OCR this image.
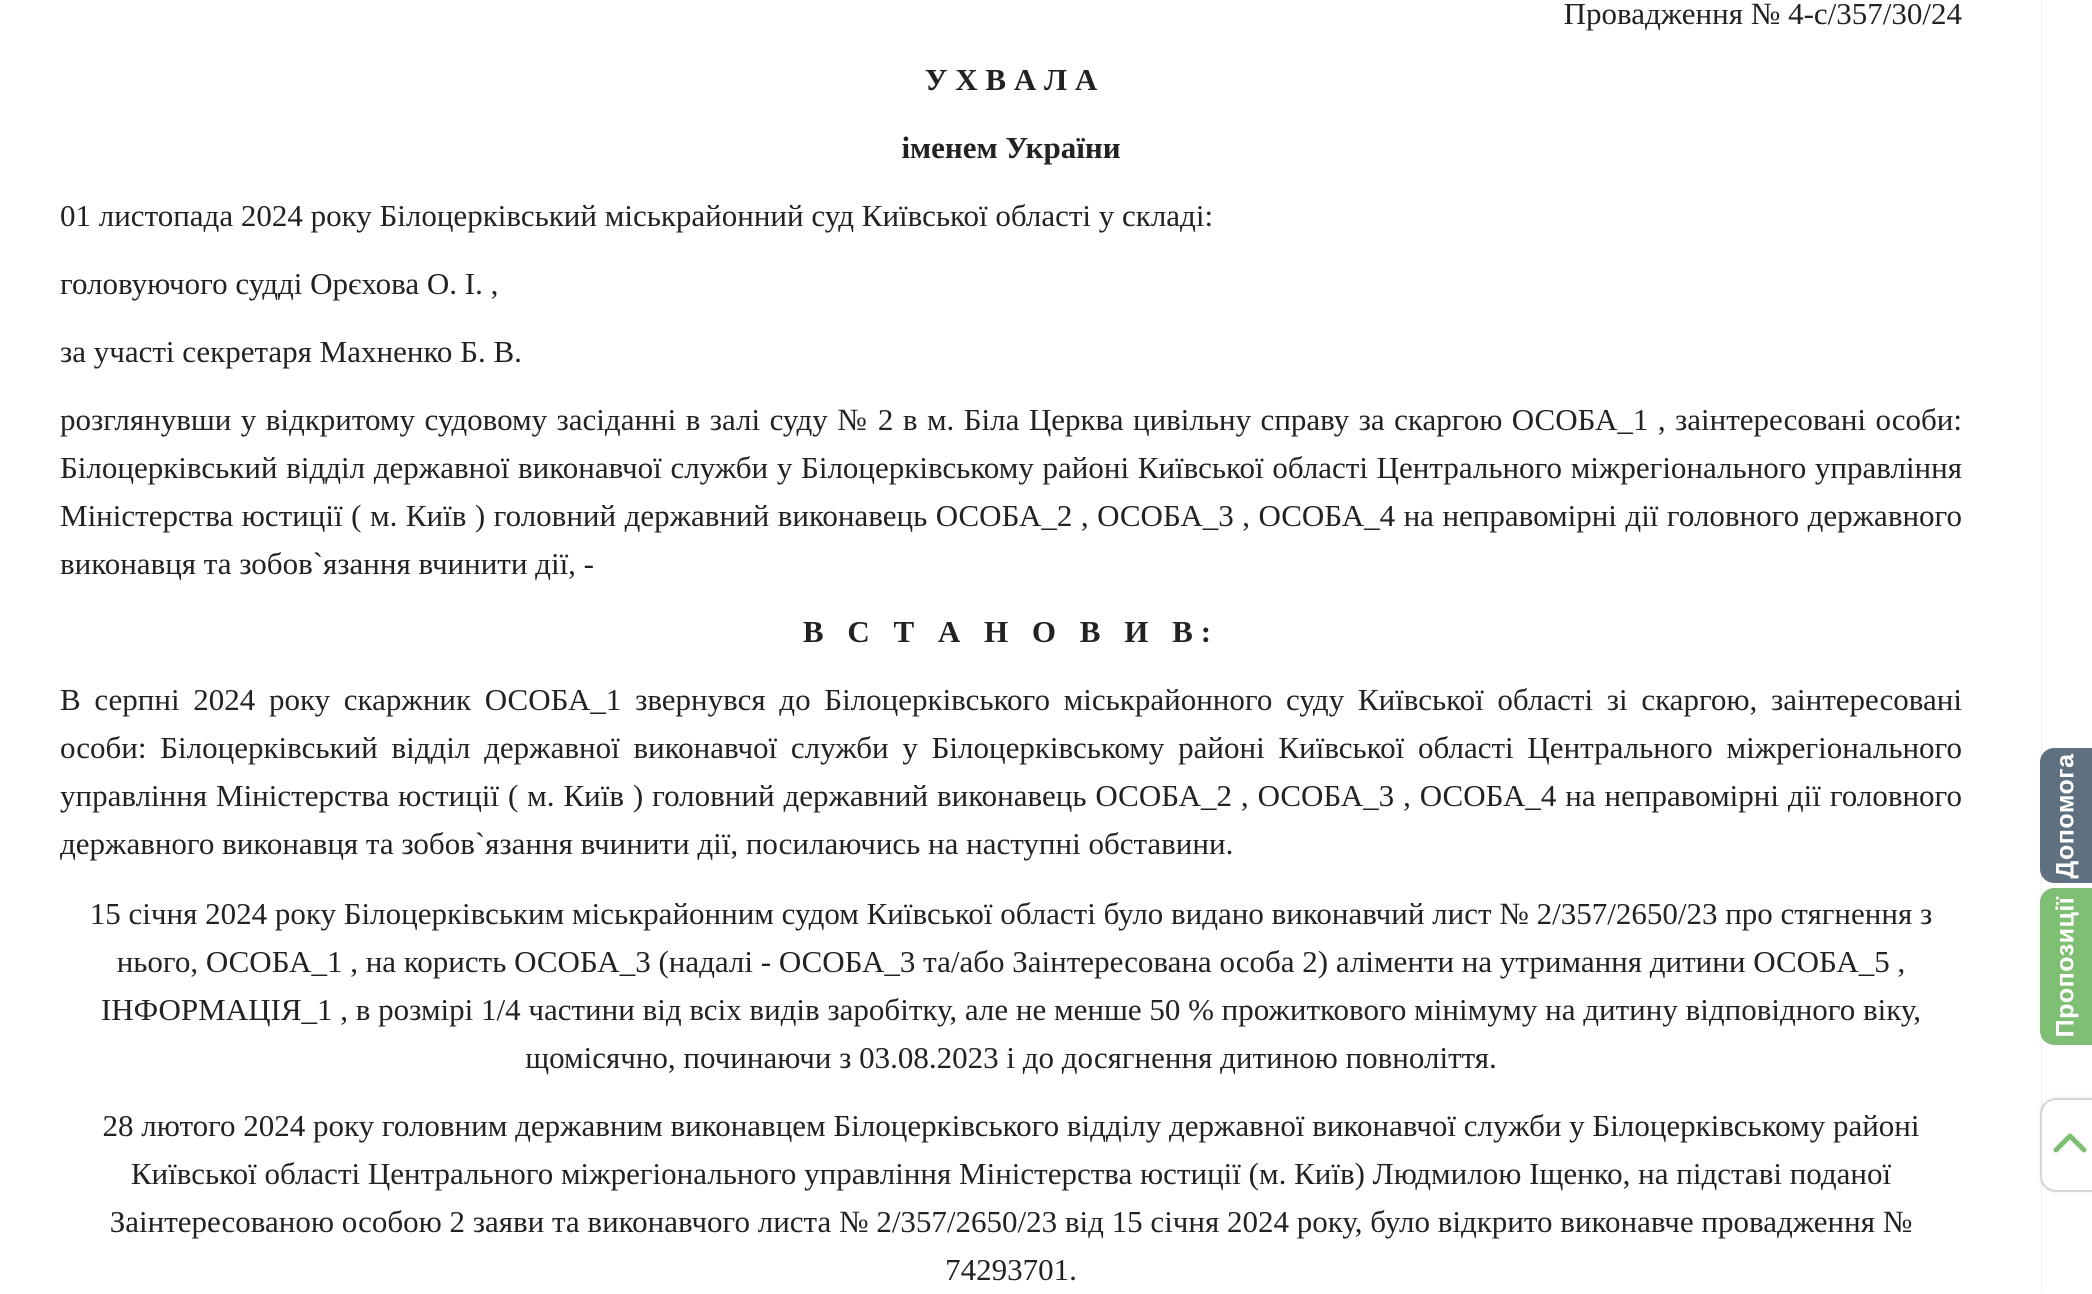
Провадження № 4-с/357/30/24
У Х В А Л А
іменем України

01 листопада 2024 року Білоцерківський міськрайонний суд Київської області у складі:

головуючого судді Орєхова О. І. ,

за участі секретаря Махненко Б. В.

розглянувши у відкритому судовому засіданні в залі суду № 2 в м. Біла Церква цивільну справу за скаргою ОСОБА_1 , заінтересовані особи: Білоцерківський відділ державної виконавчої служби у Білоцерківському районі Київської області Центрального міжрегіонального управління Міністерства юстиції ( м. Київ ) головний державний виконавець ОСОБА_2 , ОСОБА_3 , ОСОБА_4 на неправомірні дії головного державного виконавця та зобов`язання вчинити дії, -

В С Т А Н О В И В:

В серпні 2024 року скаржник ОСОБА_1 звернувся до Білоцерківського міськрайонного суду Київської області зі скаргою, заінтересовані особи: Білоцерківський відділ державної виконавчої служби у Білоцерківському районі Київської області Центрального міжрегіонального управління Міністерства юстиції ( м. Київ ) головний державний виконавець ОСОБА_2 , ОСОБА_3 , ОСОБА_4 на неправомірні дії головного державного виконавця та зобов`язання вчинити дії, посилаючись на наступні обставини.

15 січня 2024 року Білоцерківським міськрайонним судом Київської області було видано виконавчий лист № 2/357/2650/23 про стягнення з нього, ОСОБА_1 , на користь ОСОБА_3 (надалі - ОСОБА_3 та/або Заінтересована особа 2) аліменти на утримання дитини ОСОБА_5 , ІНФОРМАЦІЯ_1 , в розмірі 1/4 частини від всіх видів заробітку, але не менше 50 % прожиткового мінімуму на дитину відповідного віку, щомісячно, починаючи з 03.08.2023 і до досягнення дитиною повноліття.

28 лютого 2024 року головним державним виконавцем Білоцерківського відділу державної виконавчої служби у Білоцерківському районі Київської області Центрального міжрегіонального управління Міністерства юстиції (м. Київ) Людмилою Іщенко, на підставі поданої Заінтересованою особою 2 заяви та виконавчого листа № 2/357/2650/23 від 15 січня 2024 року, було відкрито виконавче провадження № 74293701.

Допомога
Пропозиції
